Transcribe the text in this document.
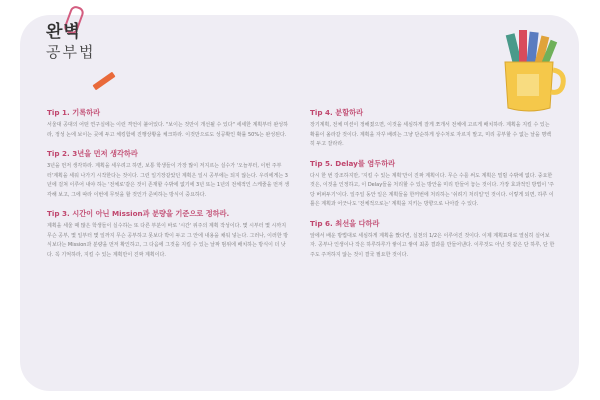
완벽
공부법
Tip 1. 기록하라
서울대 공대의 어떤 연구실에는 이런 격언이 붙어있다. "보이는 것만이 개선될 수 있다" 세세한 계획부터 완성하라, 정성 논에 보이는 곳에 두고 체킹함에 진행상황을 체크하라. 이것만으로도 성공확인 확률 50%는 완성된다.
Tip 2. 3년을 먼저 생각하라
3년을 먼저 생각하라. 계획을 세우려고 하면, 보통 학생들이 가장 많이 저지르는 실수가 '오늘부터, 이번 주부터'계획을 세워 나가기 시작한다는 것이다. 그런 일기장같았던 계획은 일시 공부에는 되지 않는다. 우리에게는 3년에 걸쳐 이루어 내야 하는 '전체로'같은 것이 존재할 수밖에 없기에 3년 또는 1년의 전체적인 스케줄을 먼저 생각해 보고, 그에 따라 이번에 무엇을 할 것인가 준비하는 방식이 중요하다.
Tip 3. 시간이 아닌 Mission과 분량을 기준으로 정하라.
계획을 세울 때 많은 학생들이 실수하는 또 다른 부분이 바로 '시간' 위주의 계획 작성이다. 몇 시부터 몇 시까지 무슨 공부, 몇 일부터 몇 일까지 무슨 공부하고 못보다 박이 두고 그 안에 내용을 채워 넣는다. 그러나, 이러한 방식보다는 Mission과 분량을 먼저 확인하고, 그 다음에 그것을 지킬 수 있는 날짜 범위에 배치하는 방식이 더 낫다. 꼭 기억하라, 지킬 수 있는 계획만이 진짜 계획이다.
Tip 4. 분할하라
장기계획, 전체 미션이 정해졌으면, 이것을 세심하게 잘게 쪼개서 전체에 고르게 배치하라. 계획을 지킬 수 있는 확률이 올라갈 것이다. 계획을 자꾸 배려는 그냥 단순하게 상수처로 자르지 말고, 미리 공부할 수 없는 날을 명백히 두고 잘라라.
Tip 5. Delay를 염두하라
다시 한 번 강조하지만, '지킬 수 있는 계획'만이 진짜 계획이다. 무슨 수를 써도 계획은 밀릴 수밖에 없다. 중요한 것은, 이것을 인정하고, 이 Delay들을 처리할 수 있는 방안을 미리 만들어 놓는 것이다. 가장 효과적인 방법이 '주당 버퍼두기'이다. 일주일 동안 일은 계획들을 한꺼번에 처리하는 '쉬려기 처리일'인 것이다. 이렇게 되면, 하루 이틀은 계획과 어긋나도 '전체적으로는' 계획을 지키는 방향으로 나아갈 수 있다.
Tip 6. 최선을 다하라
앞에서 배운 방법대로 세심하게 계획을 짰다면, 실천의 1/2은 이루어진 것이다. 이제 계획표대로 열심히 실어보자. 공부나 인생이나 작은 하루하루가 쌓이고 쌓여 최종 결과를 만들어낸다. 이루것도 아닌 것 같은 단 하루, 단 한 주도 주저하지 않는 것이 결국 필요한 것이다.
